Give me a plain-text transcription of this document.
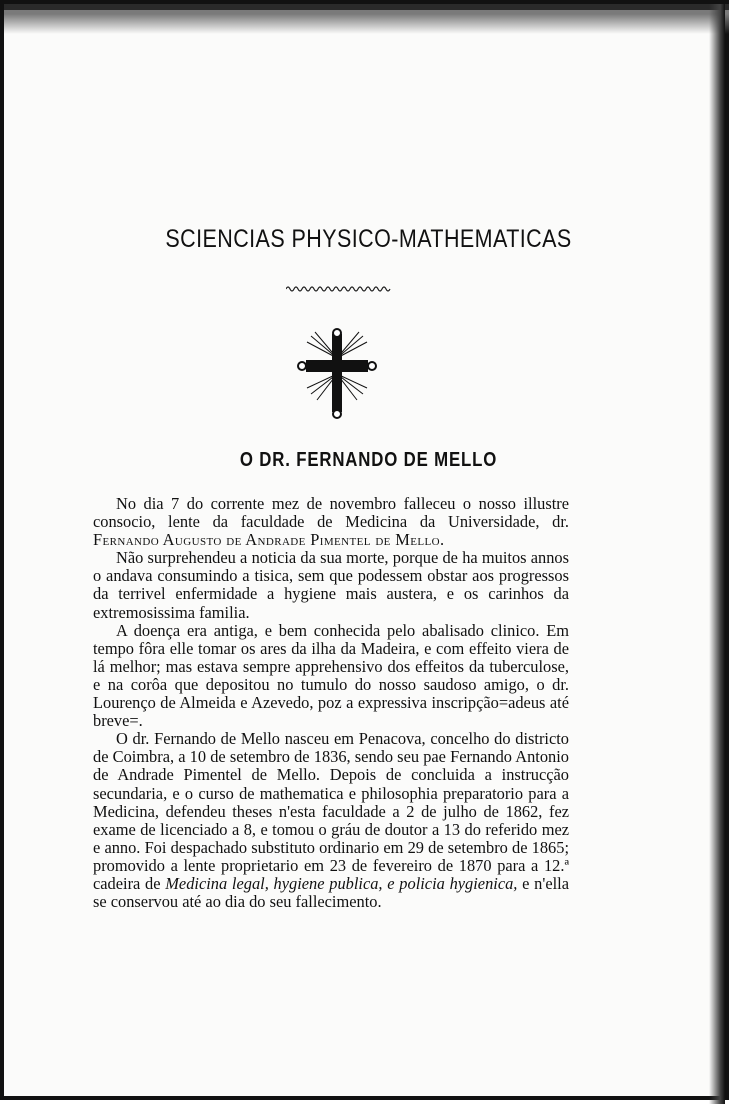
SCIENCIAS PHYSICO-MATHEMATICAS
O DR. FERNANDO DE MELLO

No dia 7 do corrente mez de novembro falleceu o nosso illustre consocio, lente da faculdade de Medicina da Universidade, dr. Fernando Augusto de Andrade Pimentel de Mello.

Não surprehendeu a noticia da sua morte, porque de ha muitos annos o andava consumindo a tisica, sem que podessem obstar aos progressos da terrivel enfermidade a hygiene mais austera, e os carinhos da extremosissima familia.

A doença era antiga, e bem conhecida pelo abalisado clinico. Em tempo fôra elle tomar os ares da ilha da Madeira, e com effeito viera de lá melhor; mas estava sempre apprehensivo dos effeitos da tuberculose, e na corôa que depositou no tumulo do nosso saudoso amigo, o dr. Lourenço de Almeida e Azevedo, poz a expressiva inscripção=adeus até breve=.

O dr. Fernando de Mello nasceu em Penacova, concelho do districto de Coimbra, a 10 de setembro de 1836, sendo seu pae Fernando Antonio de Andrade Pimentel de Mello. Depois de concluida a instrucção secundaria, e o curso de mathematica e philosophia preparatorio para a Medicina, defendeu theses n'esta faculdade a 2 de julho de 1862, fez exame de licenciado a 8, e tomou o gráu de doutor a 13 do referido mez e anno. Foi despachado substituto ordinario em 29 de setembro de 1865; promovido a lente proprietario em 23 de fevereiro de 1870 para a 12.ª cadeira de Medicina legal, hygiene publica, e policia hygienica, e n'ella se conservou até ao dia do seu fallecimento.
